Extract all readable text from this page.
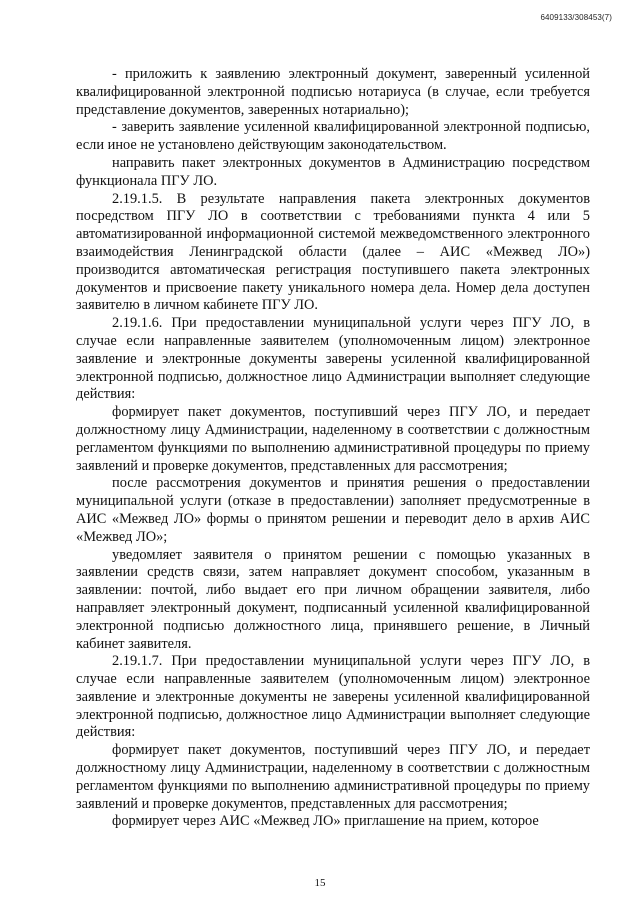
6409133/308453(7)

- приложить к заявлению электронный документ, заверенный усиленной квалифицированной электронной подписью нотариуса (в случае, если требуется представление документов, заверенных нотариально);

- заверить заявление усиленной квалифицированной электронной подписью, если иное не установлено действующим законодательством.

направить пакет электронных документов в Администрацию посредством функционала ПГУ ЛО.

2.19.1.5. В результате направления пакета электронных документов посредством ПГУ ЛО в соответствии с требованиями пункта 4 или 5 автоматизированной информационной системой межведомственного электронного взаимодействия Ленинградской области (далее – АИС «Межвед ЛО») производится автоматическая регистрация поступившего пакета электронных документов и присвоение пакету уникального номера дела. Номер дела доступен заявителю в личном кабинете ПГУ ЛО.

2.19.1.6. При предоставлении муниципальной услуги через ПГУ ЛО, в случае если направленные заявителем (уполномоченным лицом) электронное заявление и электронные документы заверены усиленной квалифицированной электронной подписью, должностное лицо Администрации выполняет следующие действия:

формирует пакет документов, поступивший через ПГУ ЛО, и передает должностному лицу Администрации, наделенному в соответствии с должностным регламентом функциями по выполнению административной процедуры по приему заявлений и проверке документов, представленных для рассмотрения;

после рассмотрения документов и принятия решения о предоставлении муниципальной услуги (отказе в предоставлении) заполняет предусмотренные в АИС «Межвед ЛО» формы о принятом решении и переводит дело в архив АИС «Межвед ЛО»;

уведомляет заявителя о принятом решении с помощью указанных в заявлении средств связи, затем направляет документ способом, указанным в заявлении: почтой, либо выдает его при личном обращении заявителя, либо направляет электронный документ, подписанный усиленной квалифицированной электронной подписью должностного лица, принявшего решение, в Личный кабинет заявителя.

2.19.1.7. При предоставлении муниципальной услуги через ПГУ ЛО, в случае если направленные заявителем (уполномоченным лицом) электронное заявление и электронные документы не заверены усиленной квалифицированной электронной подписью, должностное лицо Администрации выполняет следующие действия:

формирует пакет документов, поступивший через ПГУ ЛО, и передает должностному лицу Администрации, наделенному в соответствии с должностным регламентом функциями по выполнению административной процедуры по приему заявлений и проверке документов, представленных для рассмотрения;

формирует через АИС «Межвед ЛО» приглашение на прием, которое

15
